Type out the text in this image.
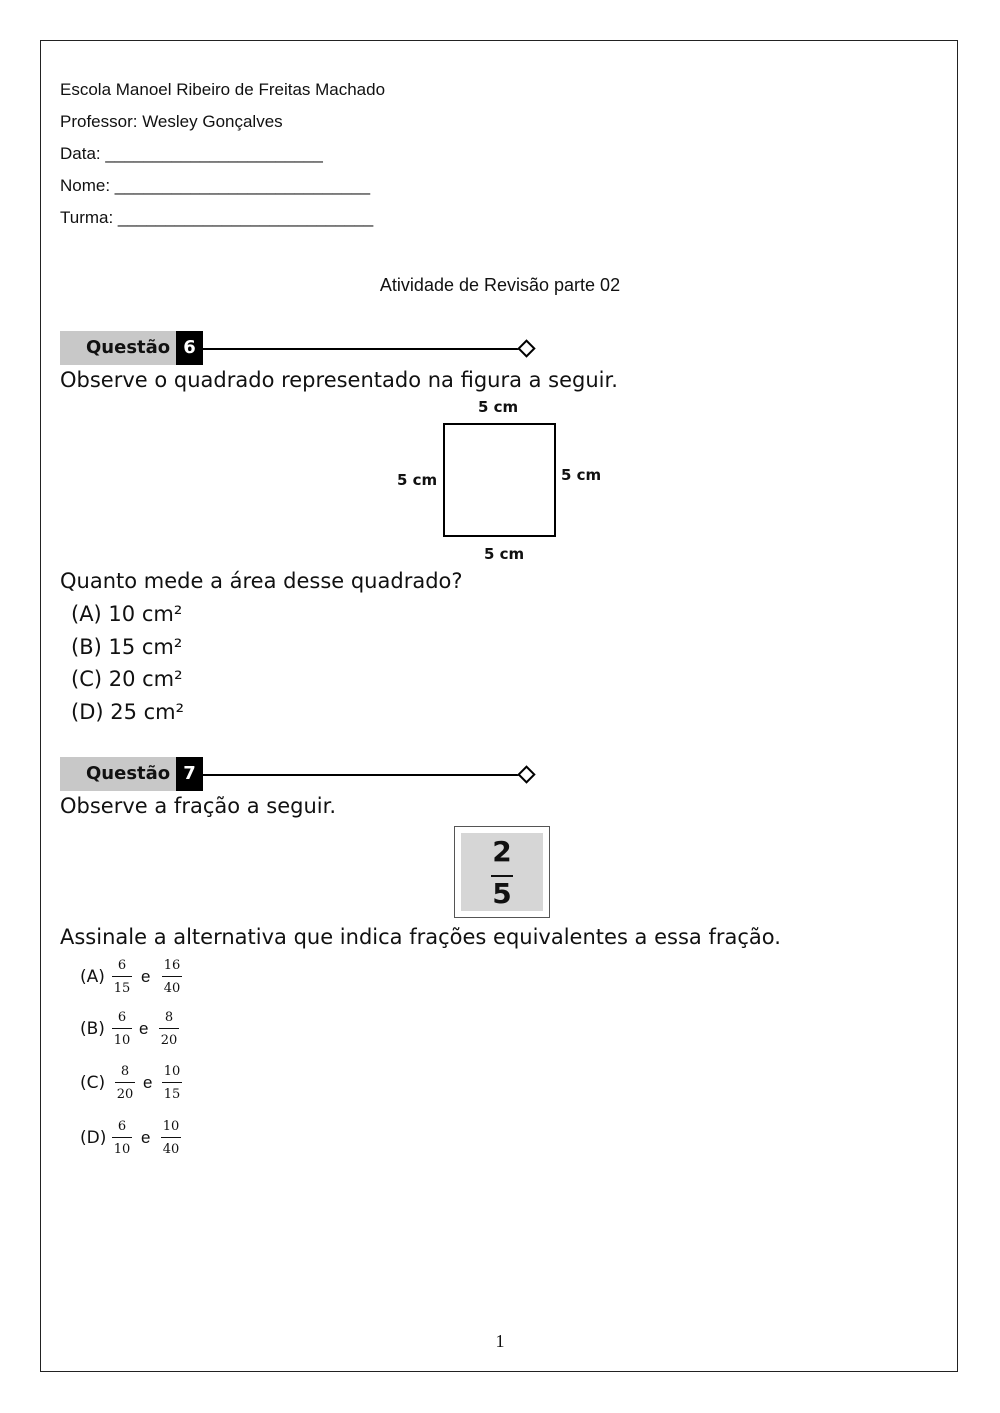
Escola Manoel Ribeiro de Freitas Machado
Professor: Wesley Gonçalves
Data: _______________________
Nome: ___________________________
Turma: ___________________________
Atividade de Revisão parte 02
Questão 6
Observe o quadrado representado na figura a seguir.
5 cm
5 cm	5 cm
5 cm
Quanto mede a área desse quadrado?
(A) 10 cm²
(B) 15 cm²
(C) 20 cm²
(D) 25 cm²
Questão 7
Observe a fração a seguir.
2
5
Assinale a alternativa que indica frações equivalentes a essa fração.
(A)
6
15
e
16
40
(B)
6
10
e
8
20
(C)
8
20
e
10
15
(D)
6
10
e
10
40
1
